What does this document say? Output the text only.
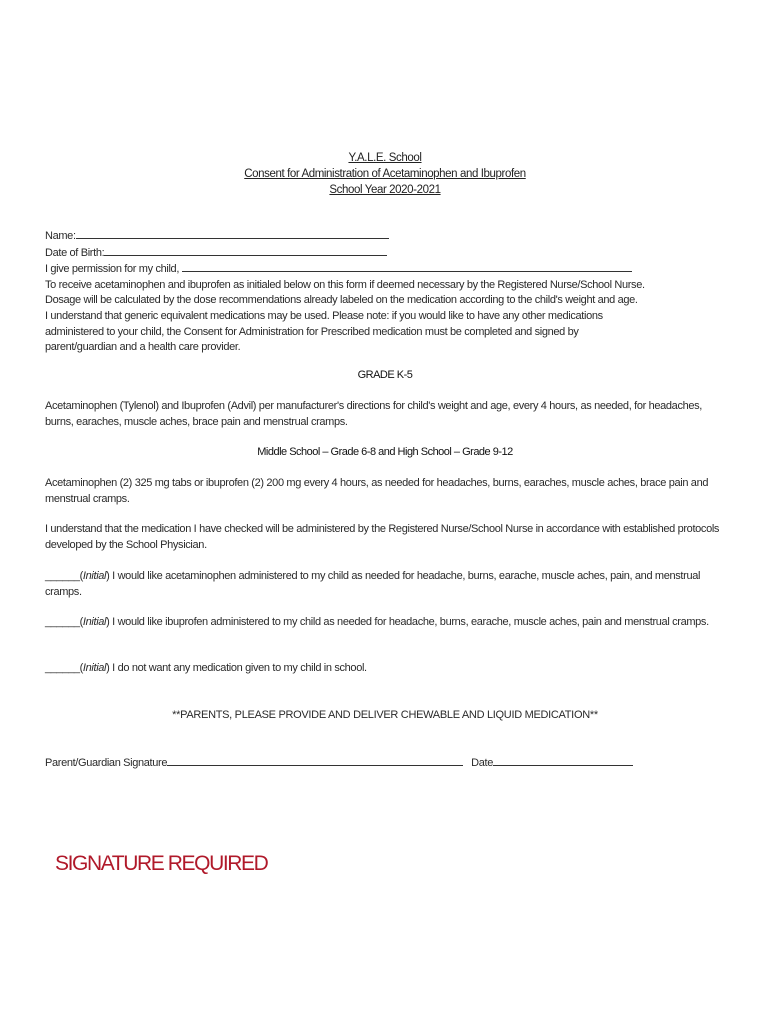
Y.A.L.E. School
Consent for Administration of Acetaminophen and Ibuprofen
School Year 2020-2021
Name:
Date of Birth:
I give permission for my child,
To receive acetaminophen and ibuprofen as initialed below on this form if deemed necessary by the Registered Nurse/School Nurse.
Dosage will be calculated by the dose recommendations already labeled on the medication according to the child's weight and age.
I understand that generic equivalent medications may be used. Please note: if you would like to have any other medications
administered to your child, the Consent for Administration for Prescribed medication must be completed and signed by
parent/guardian and a health care provider.
GRADE K-5
Acetaminophen (Tylenol) and Ibuprofen (Advil) per manufacturer's directions for child's weight and age, every 4 hours, as needed, for headaches, burns, earaches, muscle aches, brace pain and menstrual cramps.
Middle School – Grade 6-8 and High School – Grade 9-12
Acetaminophen (2) 325 mg tabs or ibuprofen (2) 200 mg every 4 hours, as needed for headaches, burns, earaches, muscle aches, brace pain and menstrual cramps.
I understand that the medication I have checked will be administered by the Registered Nurse/School Nurse in accordance with established protocols developed by the School Physician.
______(Initial) I would like acetaminophen administered to my child as needed for headache, burns, earache, muscle aches, pain, and menstrual cramps.
______(Initial) I would like ibuprofen administered to my child as needed for headache, burns, earache, muscle aches, pain and menstrual cramps.
______(Initial) I do not want any medication given to my child in school.
**PARENTS, PLEASE PROVIDE AND DELIVER CHEWABLE AND LIQUID MEDICATION**
Parent/Guardian Signature	Date
SIGNATURE REQUIRED
